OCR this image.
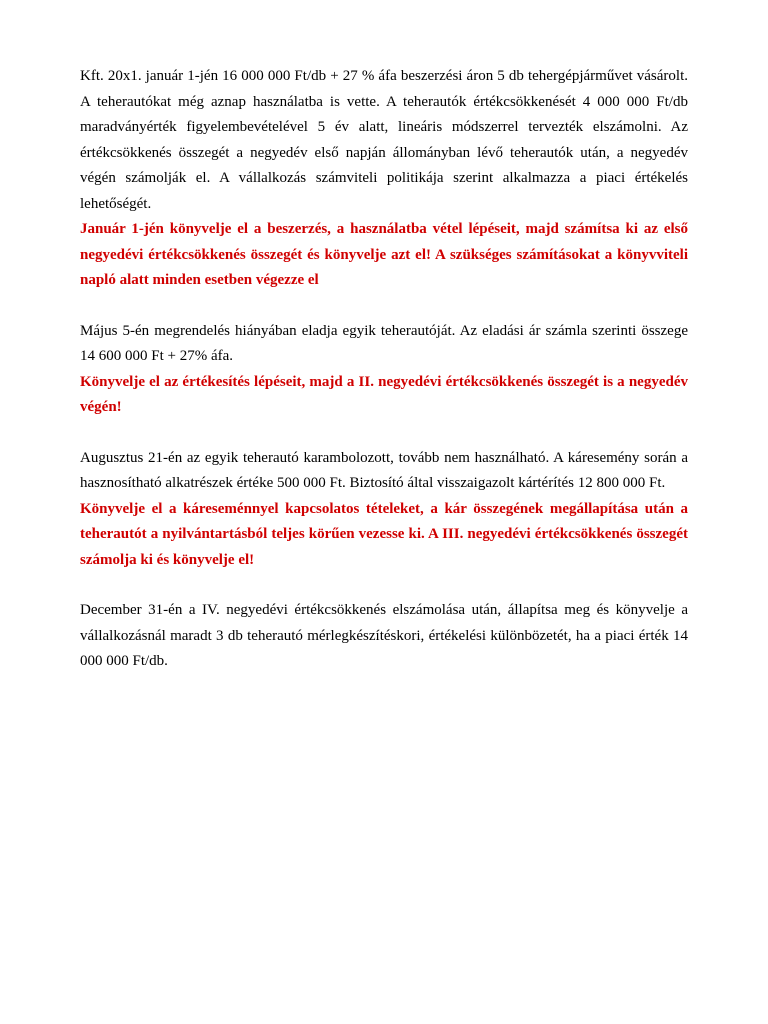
Kft. 20x1. január 1-jén 16 000 000 Ft/db + 27 % áfa beszerzési áron 5 db tehergépjárművet vásárolt. A teherautókat még aznap használatba is vette. A teherautók értékcsökkenését 4 000 000 Ft/db maradványérték figyelembevételével 5 év alatt, lineáris módszerrel tervezték elszámolni. Az értékcsökkenés összegét a negyedév első napján állományban lévő teherautók után, a negyedév végén számolják el. A vállalkozás számviteli politikája szerint alkalmazza a piaci értékelés lehetőségét.

Január 1-jén könyvelje el a beszerzés, a használatba vétel lépéseit, majd számítsa ki az első negyedévi értékcsökkenés összegét és könyvelje azt el! A szükséges számításokat a könyvviteli napló alatt minden esetben végezze el

Május 5-én megrendelés hiányában eladja egyik teherautóját. Az eladási ár számla szerinti összege 14 600 000 Ft + 27% áfa.

Könyvelje el az értékesítés lépéseit, majd a II. negyedévi értékcsökkenés összegét is a negyedév végén!

Augusztus 21-én az egyik teherautó karambolozott, tovább nem használható. A káresemény során a hasznosítható alkatrészek értéke 500 000 Ft. Biztosító által visszaigazolt kártérítés 12 800 000 Ft.

Könyvelje el a káreseménnyel kapcsolatos tételeket, a kár összegének megállapítása után a teherautót a nyilvántartásból teljes körűen vezesse ki. A III. negyedévi értékcsökkenés összegét számolja ki és könyvelje el!

December 31-én a IV. negyedévi értékcsökkenés elszámolása után, állapítsa meg és könyvelje a vállalkozásnál maradt 3 db teherautó mérlegkészítéskori, értékelési különbözetét, ha a piaci érték 14 000 000 Ft/db.
